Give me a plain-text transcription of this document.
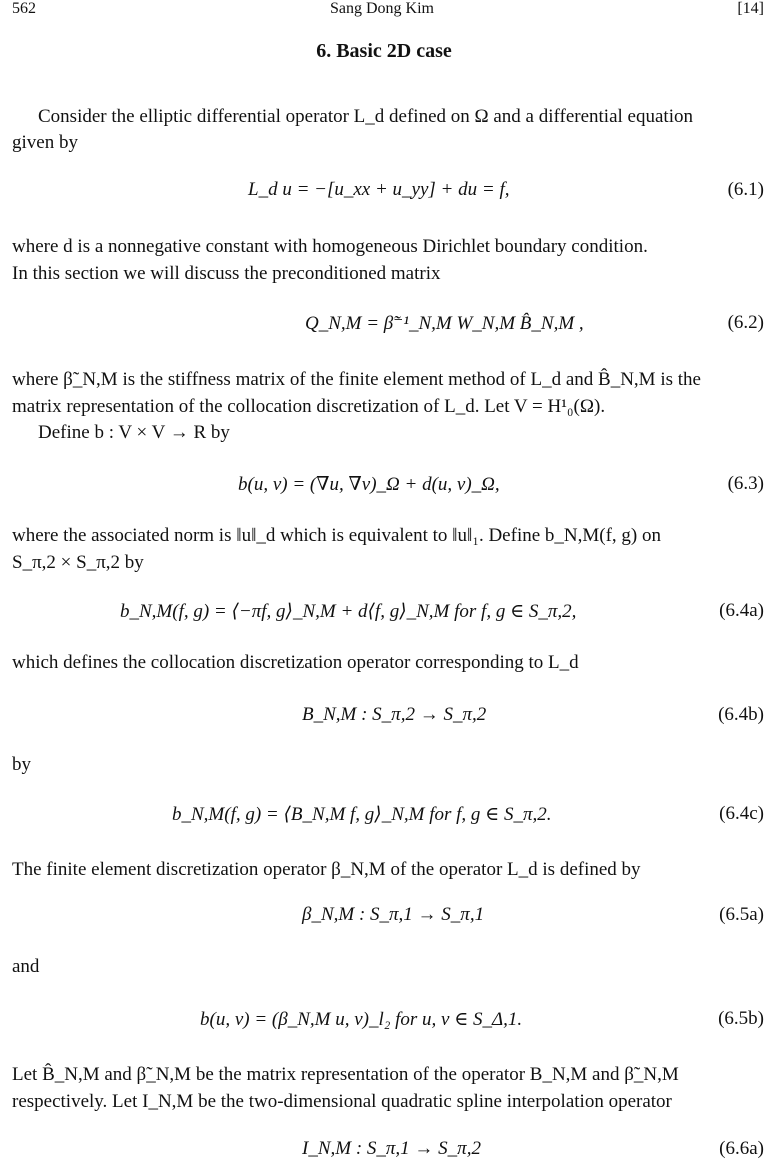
562	Sang Dong Kim	[14]
6. Basic 2D case
Consider the elliptic differential operator L_d defined on Ω and a differential equation
given by
L_d u = −[u_xx + u_yy] + du = f,	(6.1)
where d is a nonnegative constant with homogeneous Dirichlet boundary condition.
In this section we will discuss the preconditioned matrix
Q_N,M = β̃⁻¹_N,M W_N,M B̂_N,M ,	(6.2)
where β̃_N,M is the stiffness matrix of the finite element method of L_d and B̂_N,M is the
matrix representation of the collocation discretization of L_d. Let V = H¹₀(Ω).
Define b : V × V → R by
b(u, v) = (∇u, ∇v)_Ω + d(u, v)_Ω,	(6.3)
where the associated norm is ‖u‖_d which is equivalent to ‖u‖₁. Define b_N,M(f, g) on
S_π,2 × S_π,2 by
b_N,M(f, g) = ⟨−πf, g⟩_N,M + d⟨f, g⟩_N,M for f, g ∈ S_π,2,	(6.4a)
which defines the collocation discretization operator corresponding to L_d
B_N,M : S_π,2 → S_π,2	(6.4b)
by
b_N,M(f, g) = ⟨B_N,M f, g⟩_N,M for f, g ∈ S_π,2.	(6.4c)
The finite element discretization operator β_N,M of the operator L_d is defined by
β_N,M : S_π,1 → S_π,1	(6.5a)
and
b(u, v) = (β_N,M u, v)_l₂ for u, v ∈ S_Δ,1.	(6.5b)
Let B̂_N,M and β̃_N,M be the matrix representation of the operator B_N,M and β̃_N,M
respectively. Let I_N,M be the two-dimensional quadratic spline interpolation operator
I_N,M : S_π,1 → S_π,2	(6.6a)
